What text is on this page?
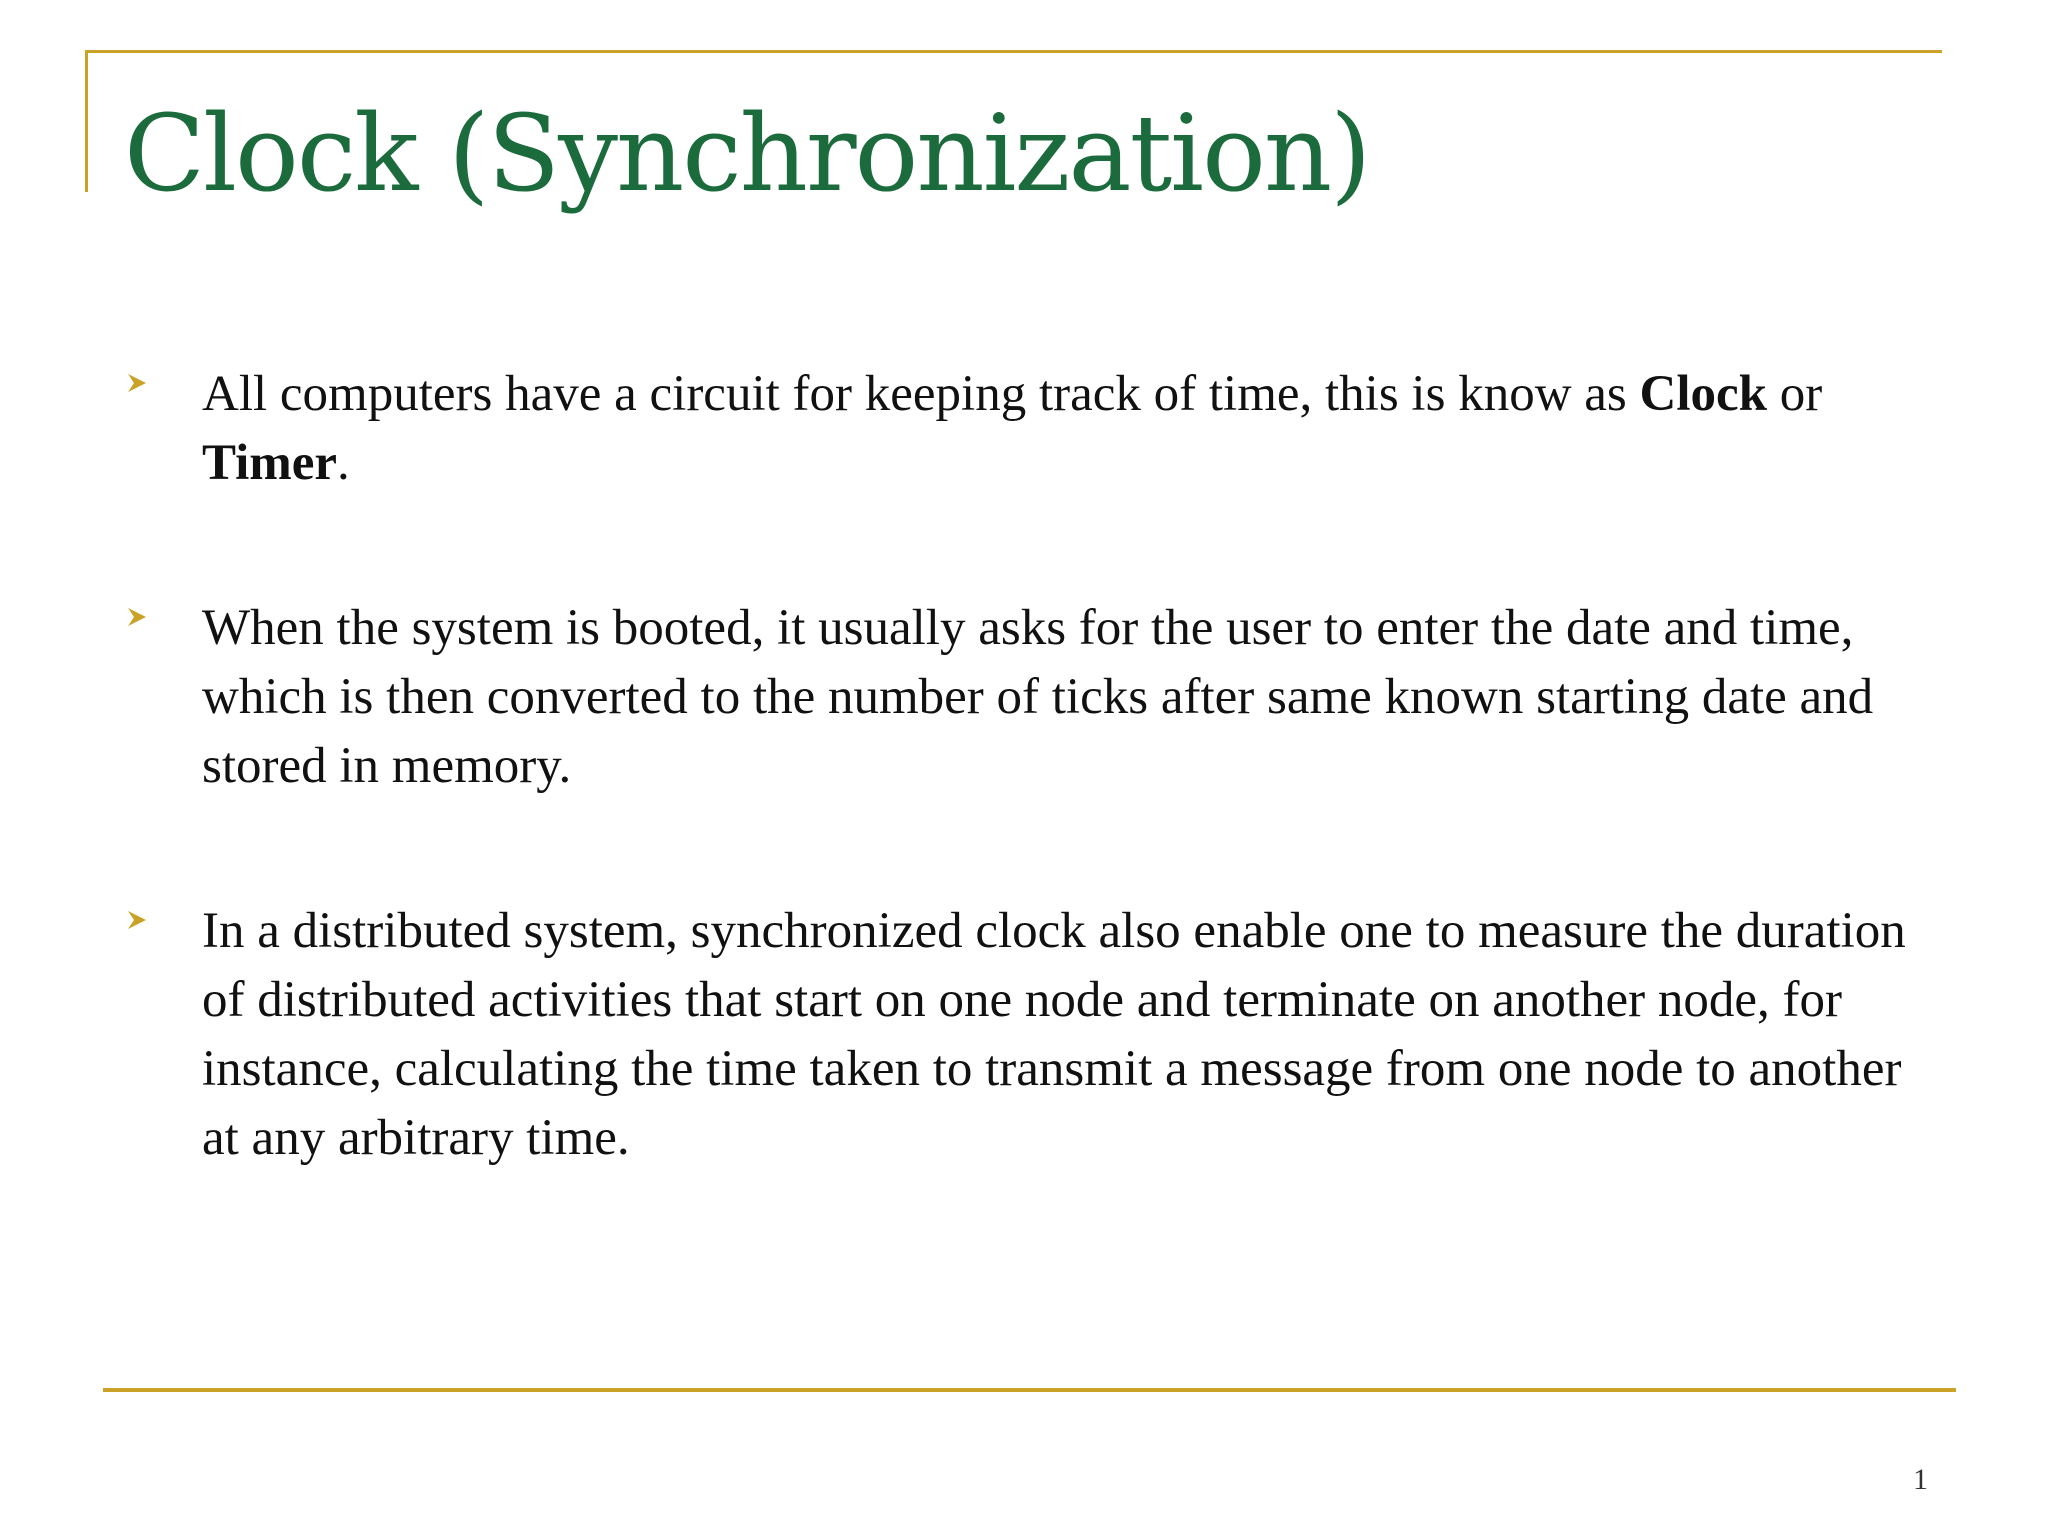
Clock (Synchronization)
All computers have a circuit for keeping track of time, this is know as Clock or Timer.
When the system is booted, it usually asks for the user to enter the date and time, which is then converted to the number of ticks after same known starting date and stored in memory.
In a distributed system, synchronized clock also enable one to measure the duration of distributed activities that start on one node and terminate on another node, for instance, calculating the time taken to transmit a message from one node to another at any arbitrary time.
1
